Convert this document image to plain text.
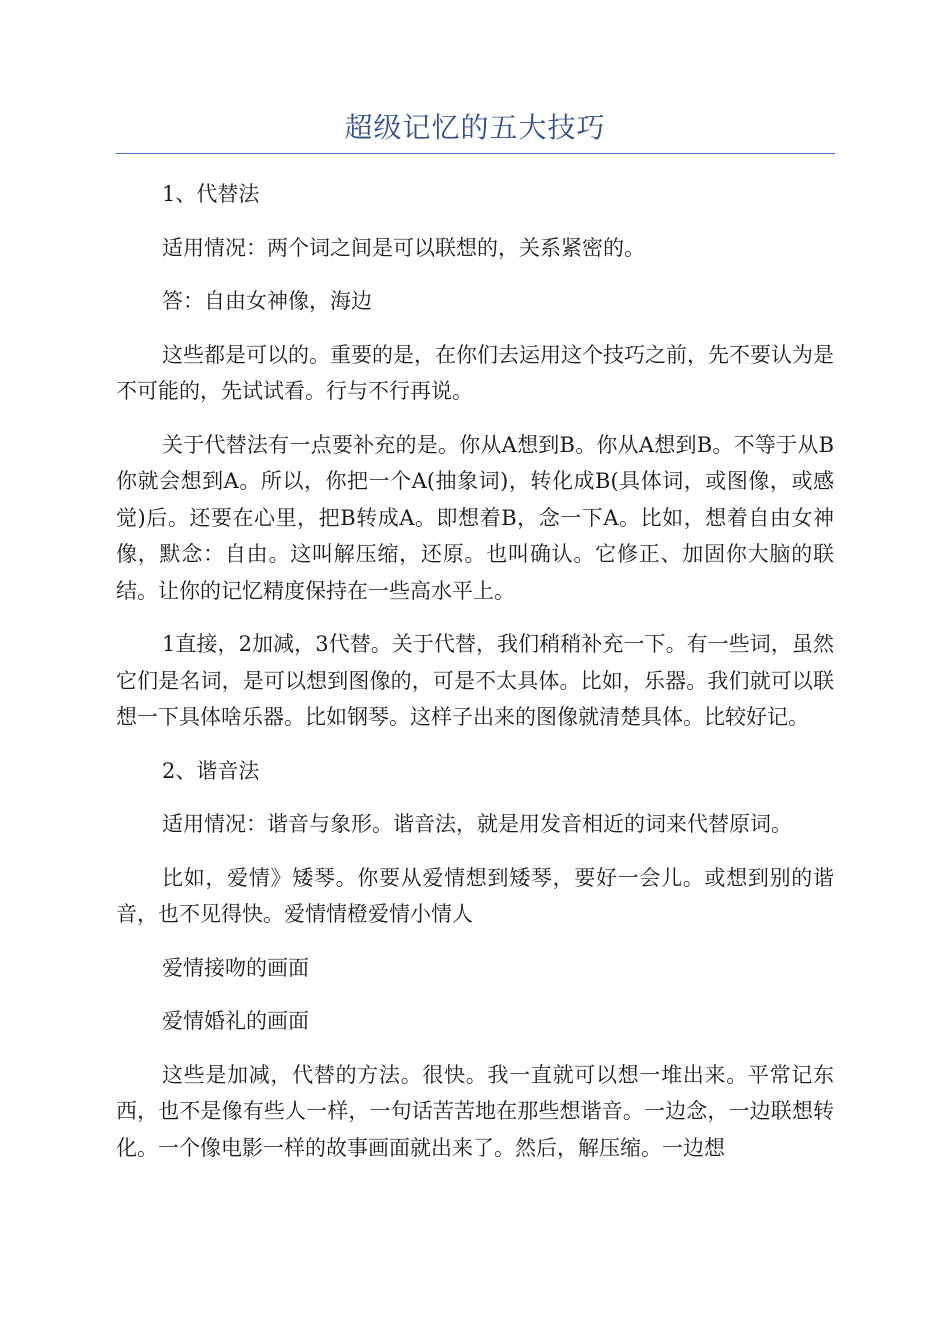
超级记忆的五大技巧

1、代替法

适用情况：两个词之间是可以联想的，关系紧密的。

答：自由女神像，海边

这些都是可以的。重要的是，在你们去运用这个技巧之前，先不要认为是不可能的，先试试看。行与不行再说。

关于代替法有一点要补充的是。你从A想到B。你从A想到B。不等于从B你就会想到A。所以，你把一个A(抽象词)，转化成B(具体词，或图像，或感觉)后。还要在心里，把B转成A。即想着B，念一下A。比如，想着自由女神像，默念：自由。这叫解压缩，还原。也叫确认。它修正、加固你大脑的联结。让你的记忆精度保持在一些高水平上。

1直接，2加减，3代替。关于代替，我们稍稍补充一下。有一些词，虽然它们是名词，是可以想到图像的，可是不太具体。比如，乐器。我们就可以联想一下具体啥乐器。比如钢琴。这样子出来的图像就清楚具体。比较好记。

2、谐音法

适用情况：谐音与象形。谐音法，就是用发音相近的词来代替原词。

比如，爱情》矮琴。你要从爱情想到矮琴，要好一会儿。或想到别的谐音，也不见得快。爱情情橙爱情小情人

爱情接吻的画面

爱情婚礼的画面

这些是加减，代替的方法。很快。我一直就可以想一堆出来。平常记东西，也不是像有些人一样，一句话苦苦地在那些想谐音。一边念，一边联想转化。一个像电影一样的故事画面就出来了。然后，解压缩。一边想
